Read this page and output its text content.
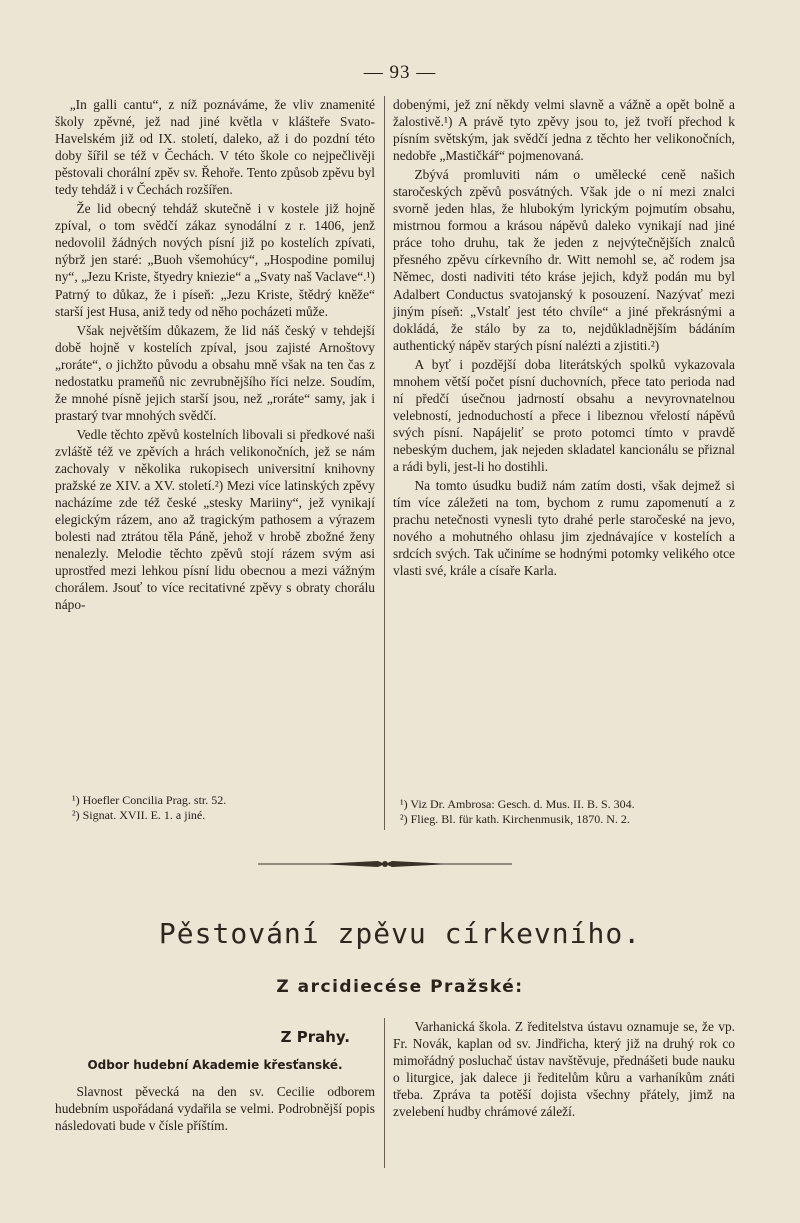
— 93 —

„In galli cantu“, z níž poznáváme, že vliv znamenité školy zpěvné, jež nad jiné květla v klášteře Svato-Havelském již od IX. století, daleko, až i do pozdní této doby šířil se též v Čechách. V této škole co nejpečlivěji pěstovali chorální zpěv sv. Řehoře. Tento způsob zpěvu byl tedy tehdáž i v Čechách rozšířen.

Že lid obecný tehdáž skutečně i v kostele již hojně zpíval, o tom svědčí zákaz synodální z r. 1406, jenž nedovolil žádných nových písní již po kostelích zpívati, nýbrž jen staré: „Buoh všemohúcy“, „Hospodine pomiluj ny“, „Jezu Kriste, štyedry kniezie“ a „Svaty naš Vaclave“.¹) Patrný to důkaz, že i píseň: „Jezu Kriste, štědrý kněže“ starší jest Husa, aniž tedy od něho pocházeti může.

Však největším důkazem, že lid náš český v tehdejší době hojně v kostelích zpíval, jsou zajisté Arnoštovy „roráte“, o jichžto původu a obsahu mně však na ten čas z nedostatku prameňů nic zevrubnějšího říci nelze. Soudím, že mnohé písně jejich starší jsou, než „roráte“ samy, jak i prastarý tvar mnohých svědčí.

Vedle těchto zpěvů kostelních libovali si předkové naši zvláště též ve zpěvích a hrách velikonočních, jež se nám zachovaly v několika rukopisech universitní knihovny pražské ze XIV. a XV. století.²) Mezi více latinských zpěvy nacházíme zde též české „stesky Mariiny“, jež vynikají elegickým rázem, ano až tragickým pathosem a výrazem bolesti nad ztrátou těla Páně, jehož v hrobě zbožné ženy nenalezly. Melodie těchto zpěvů stojí rázem svým asi uprostřed mezi lehkou písní lidu obecnou a mezi vážným chorálem. Jsouť to více recitativné zpěvy s obraty chorálu nápo-

dobenými, jež zní někdy velmi slavně a vážně a opět bolně a žalostivě.¹) A právě tyto zpěvy jsou to, jež tvoří přechod k písním světským, jak svědčí jedna z těchto her velikonočních, nedobře „Mastičkář“ pojmenovaná.

Zbývá promluviti nám o umělecké ceně našich staročeských zpěvů posvátných. Však jde o ní mezi znalci svorně jeden hlas, že hlubokým lyrickým pojmutím obsahu, mistrnou formou a krásou nápěvů daleko vynikají nad jiné práce toho druhu, tak že jeden z nejvýtečnějších znalců přesného zpěvu církevního dr. Witt nemohl se, ač rodem jsa Němec, dosti nadiviti této kráse jejich, když podán mu byl Adalbert Conductus svatojanský k posouzení. Nazývať mezi jiným píseň: „Vstalť jest této chvíle“ a jiné překrásnými a dokládá, že stálo by za to, nejdůkladnějším bádáním authentický nápěv starých písní nalézti a zjistiti.²)

A byť i pozdější doba literátských spolků vykazovala mnohem větší počet písní duchovních, přece tato perioda nad ní předčí úsečnou jadrností obsahu a nevyrovnatelnou velebností, jednoduchostí a přece i libeznou vřelostí nápěvů svých písní. Napájeliť se proto potomci tímto v pravdě nebeským duchem, jak nejeden skladatel kancionálu se přiznal a rádi byli, jest-li ho dostihli.

Na tomto úsudku budiž nám zatím dosti, však dejmež si tím více záležeti na tom, bychom z rumu zapomenutí a z prachu netečnosti vynesli tyto drahé perle staročeské na jevo, nového a mohutného ohlasu jim zjednávajíce v kostelích a srdcích svých. Tak učiníme se hodnými potomky velikého otce vlasti své, krále a císaře Karla.

¹) Hoefler Concilia Prag. str. 52.
²) Signat. XVII. E. 1. a jiné.
¹) Viz Dr. Ambrosa: Gesch. d. Mus. II. B. S. 304.
²) Flieg. Bl. für kath. Kirchenmusik, 1870. N. 2.
Pěstování zpěvu církevního.
Z arcidiecése Pražské:
Z Prahy.
Odbor hudební Akademie křesťanské.

Slavnost pěvecká na den sv. Cecilie odborem hudebním uspořádaná vydařila se velmi. Podrobnější popis následovati bude v čísle příštím.

Varhanická škola. Z ředitelstva ústavu oznamuje se, že vp. Fr. Novák, kaplan od sv. Jindřicha, který již na druhý rok co mimořádný posluchač ústav navštěvuje, přednášeti bude nauku o liturgice, jak dalece ji ředitelům kůru a varhaníkům znáti třeba. Zpráva ta potěší dojista všechny přátely, jimž na zvelebení hudby chrámové záleží.
